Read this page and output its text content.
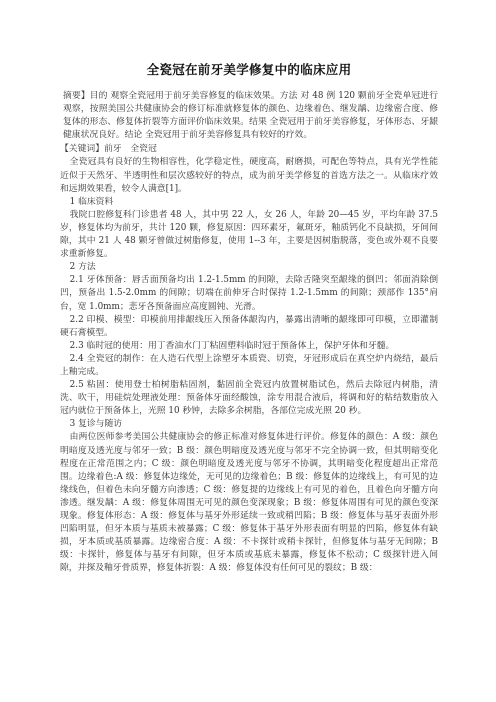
全瓷冠在前牙美学修复中的临床应用

摘要】目的 观察全瓷冠用于前牙美容修复的临床效果。方法 对 48 例 120 颗前牙全瓷单冠进行观察，按照美国公共健康协会的修订标准就修复体的颜色、边缘着色、继发龋、边缘密合度、修复体的形态、修复体折裂等方面评价临床效果。结果 全瓷冠用于前牙美容修复，牙体形态、牙龈健康状况良好。结论 全瓷冠用于前牙美容修复具有较好的疗效。

【关键词】前牙　全瓷冠

全瓷冠具有良好的生物相容性，化学稳定性，硬度高，耐磨损，可配色等特点，具有光学性能近似于天然牙、半透明性和层次感较好的特点，成为前牙美学修复的首选方法之一。从临床疗效和远期效果看，较令人满意[1]。

1 临床资料

我院口腔修复科门诊患者 48 人，其中男 22 人，女 26 人，年龄 20—45 岁，平均年龄 37.5 岁，修复体均为前牙，共计 120 颗，修复原因：四环素牙，氟斑牙，釉质钙化不良缺损，牙间间隙，其中 21 人 48 颗牙曾做过树脂修复，使用 1--3 年，主要是因树脂脱落，变色或外观不良要求重新修复。

2 方法

2.1 牙体预备：唇舌面预备均出 1.2-1.5mm 的间隙，去除舌隆突至龈缘的倒凹；邻面消除倒凹，预备出 1.5-2.0mm 的间隙；切端在前伸牙合时保持 1.2-1.5mm 的间隙；颈部作 135°肩台，宽 1.0mm；悲牙各预备面应高度圆钝、光滑。

2.2 印模、模型：印模前用排龈线压入预备体龈沟内，暴露出清晰的龈缘即可印模，立即灌制硬石膏模型。

2.3 临时冠的使用：用丁香油水门丁粘固塑料临时冠于预备体上，保护牙体和牙髓。

2.4 全瓷冠的制作：在人造石代型上涂塑牙本质瓷、切瓷，牙冠形成后在真空炉内烧结，最后上釉完成。

2.5 粘固：使用登士柏树脂粘固剂，黏固前全瓷冠内放置树脂试色，然后去除冠内树脂，清洗、吹干，用硅烷处理液处理：预备体牙面经酸蚀，涂专用混合液后，将调和好的粘结数脂放入冠内就位于预备体上，光照 10 秒钟，去除多余树脂，各部位完成光照 20 秒。

3 复诊与随访

由两位医师参考美国公共健康协会的修正标准对修复体进行评价。修复体的颜色：A 级：颜色明暗度及透光度与邻牙一致；B 级：颜色明暗度及透光度与邻牙不完全协调一致，但其明暗变化程度在正常范围之内；C 级：颜色明暗度及透光度与邻牙不协调，其明暗变化程度超出正常范围。边缘着色:A 级：修复体边缘处，无可见的边缘着色；B 级：修复体的边缘线上，有可见的边缘线色，但着色未向牙髓方向渗透；C 级：修复提的边缘线上有可见的着色，且着色向牙髓方向渗透。继发龋：A 级：修复体周围无可见的颜色变深现象；B 级：修复体周围有可见的颜色变深现象。修复体形态：A 级：修复体与基牙外形延续一致或稍凹陷；B 级：修复体与基牙表面外形凹陷明显，但牙本质与基质未被暴露；C 级：修复体于基牙外形表面有明显的凹陷，修复体有缺损，牙本质或基质暴露。边缘密合度：A 级：不卡探针或稍卡探针，但修复体与基牙无间隙；B 级：卡探针，修复体与基牙有间隙，但牙本质或基底未暴露，修复体不松动；C 级探针进入间隙，并探及釉牙骨质界，修复体折裂：A 级：修复体没有任何可见的裂纹；B 级：
